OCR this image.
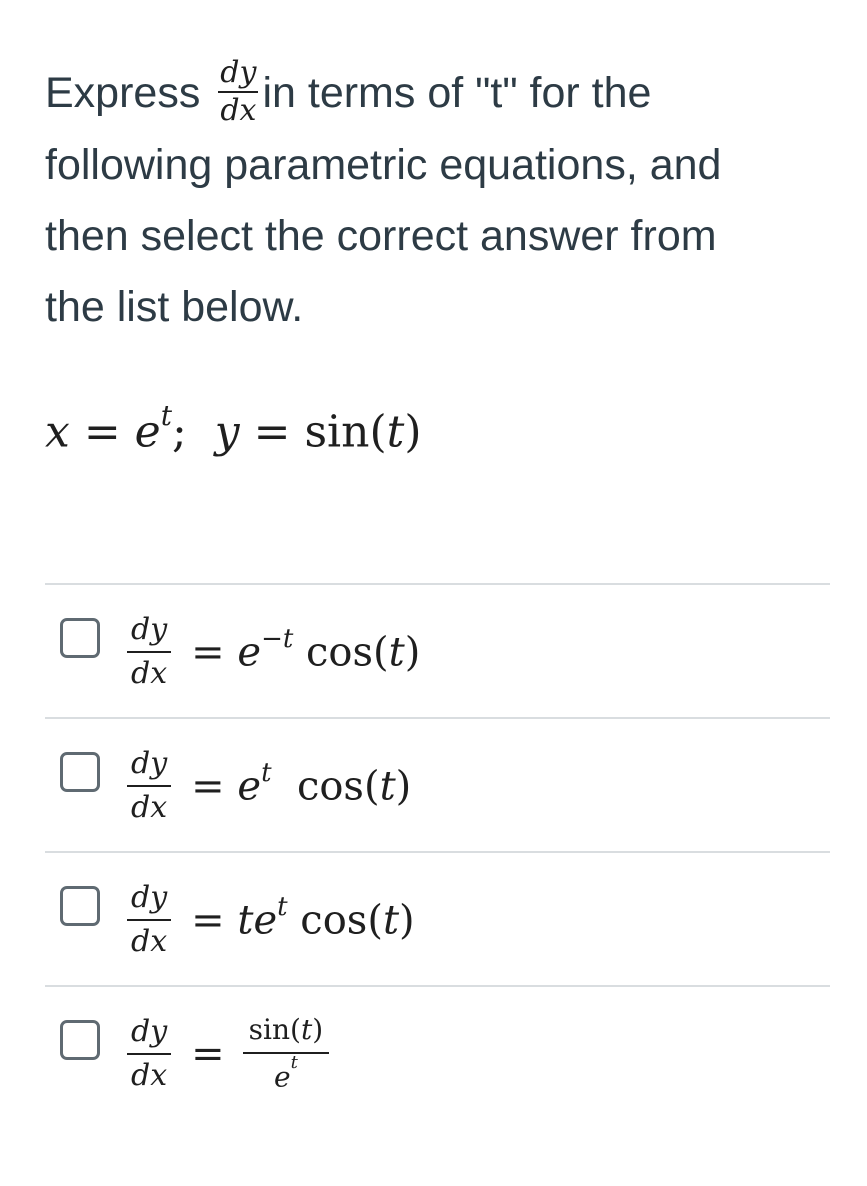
Express $\frac{dy}{dx}$ in terms of "t" for the
following parametric equations, and
then select the correct answer from
the list below.
$x = e^t$;  y = sin(t)
$\frac{dy}{dx} = e^{-t}$ cos(t)
$\frac{dy}{dx} = e^t$  cos(t)
$\frac{dy}{dx} = te^t$ cos(t)
$\frac{dy}{dx} = \frac{\sin(t)}{e^t}$
